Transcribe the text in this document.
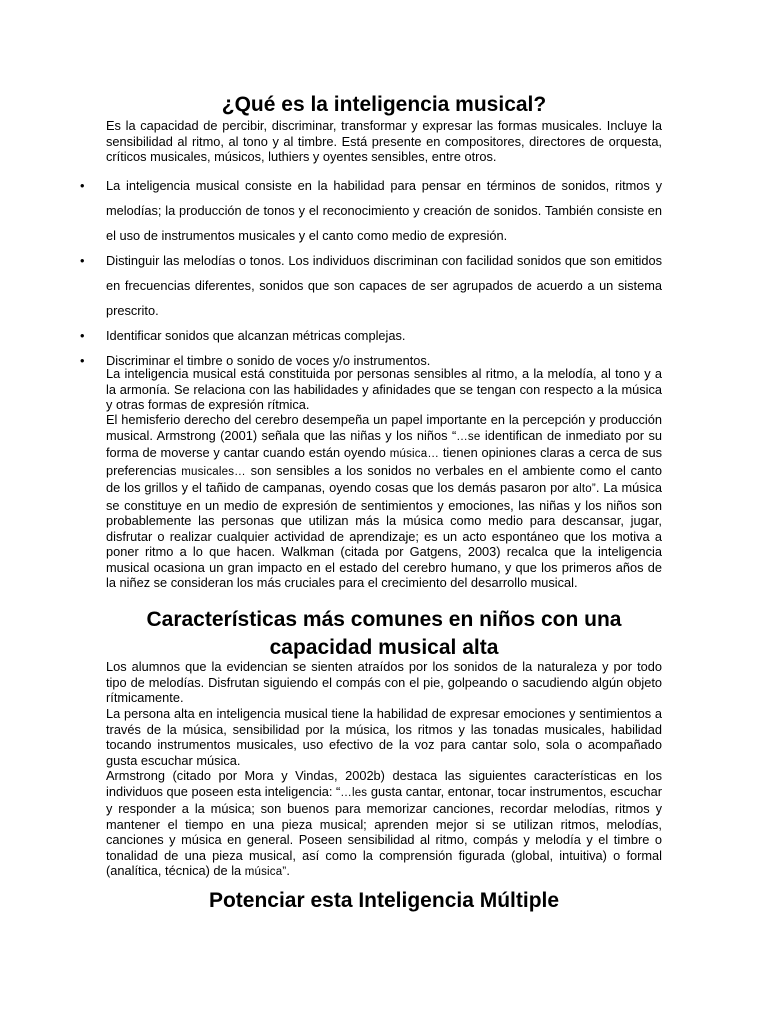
¿Qué es la inteligencia musical?

Es la capacidad de percibir, discriminar, transformar y expresar las formas musicales. Incluye la sensibilidad al ritmo, al tono y al timbre. Está presente en compositores, directores de orquesta, críticos musicales, músicos, luthiers y oyentes sensibles, entre otros.

• La inteligencia musical consiste en la habilidad para pensar en términos de sonidos, ritmos y melodías; la producción de tonos y el reconocimiento y creación de sonidos. También consiste en el uso de instrumentos musicales y el canto como medio de expresión.
• Distinguir las melodías o tonos. Los individuos discriminan con facilidad sonidos que son emitidos en frecuencias diferentes, sonidos que son capaces de ser agrupados de acuerdo a un sistema prescrito.
• Identificar sonidos que alcanzan métricas complejas.
• Discriminar el timbre o sonido de voces y/o instrumentos.

La inteligencia musical está constituida por personas sensibles al ritmo, a la melodía, al tono y a la armonía. Se relaciona con las habilidades y afinidades que se tengan con respecto a la música y otras formas de expresión rítmica.

El hemisferio derecho del cerebro desempeña un papel importante en la percepción y producción musical. Armstrong (2001) señala que las niñas y los niños “…se identifican de inmediato por su forma de moverse y cantar cuando están oyendo música… tienen opiniones claras a cerca de sus preferencias musicales… son sensibles a los sonidos no verbales en el ambiente como el canto de los grillos y el tañido de campanas, oyendo cosas que los demás pasaron por alto”. La música se constituye en un medio de expresión de sentimientos y emociones, las niñas y los niños son probablemente las personas que utilizan más la música como medio para descansar, jugar, disfrutar o realizar cualquier actividad de aprendizaje; es un acto espontáneo que los motiva a poner ritmo a lo que hacen. Walkman (citada por Gatgens, 2003) recalca que la inteligencia musical ocasiona un gran impacto en el estado del cerebro humano, y que los primeros años de la niñez se consideran los más cruciales para el crecimiento del desarrollo musical.

Características más comunes en niños con una capacidad musical alta

Los alumnos que la evidencian se sienten atraídos por los sonidos de la naturaleza y por todo tipo de melodías. Disfrutan siguiendo el compás con el pie, golpeando o sacudiendo algún objeto rítmicamente.

La persona alta en inteligencia musical tiene la habilidad de expresar emociones y sentimientos a través de la música, sensibilidad por la música, los ritmos y las tonadas musicales, habilidad tocando instrumentos musicales, uso efectivo de la voz para cantar solo, sola o acompañado gusta escuchar música.

Armstrong (citado por Mora y Vindas, 2002b) destaca las siguientes características en los individuos que poseen esta inteligencia: “…les gusta cantar, entonar, tocar instrumentos, escuchar y responder a la música; son buenos para memorizar canciones, recordar melodías, ritmos y mantener el tiempo en una pieza musical; aprenden mejor si se utilizan ritmos, melodías, canciones y música en general. Poseen sensibilidad al ritmo, compás y melodía y el timbre o tonalidad de una pieza musical, así como la comprensión figurada (global, intuitiva) o formal (analítica, técnica) de la música”.

Potenciar esta Inteligencia Múltiple
